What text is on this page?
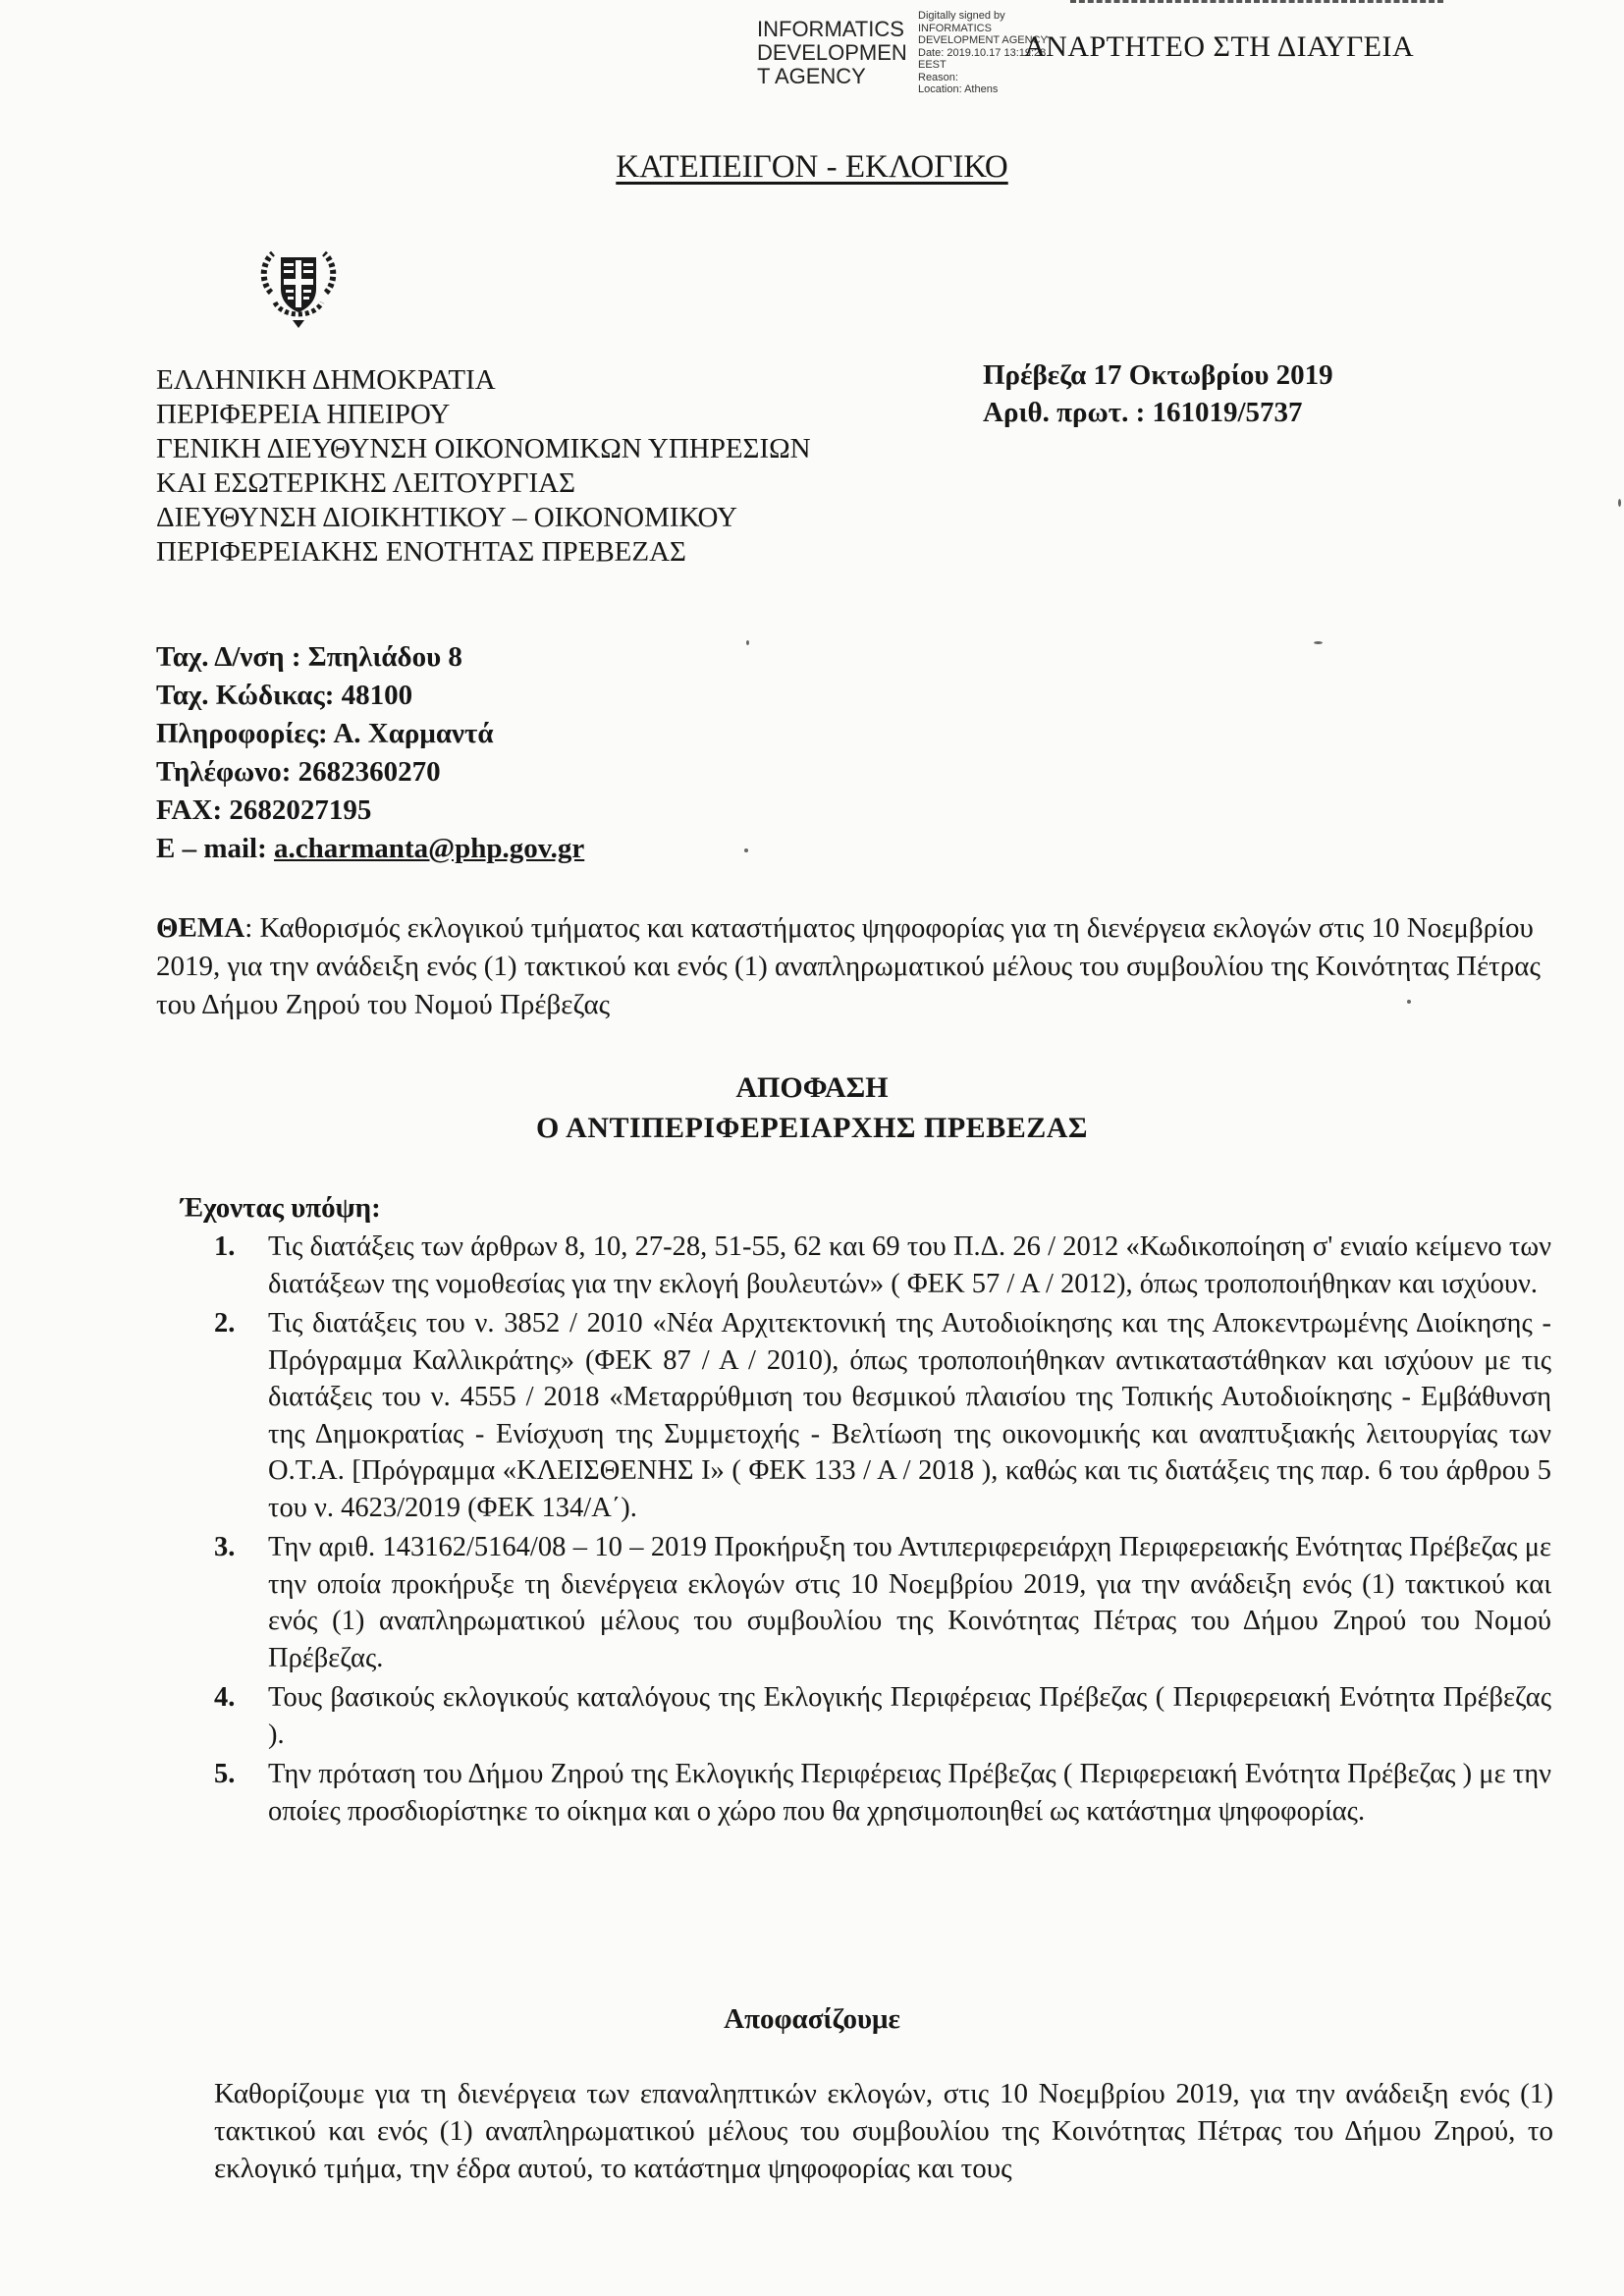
INFORMATICS
DEVELOPMEN
T AGENCY
Digitally signed by
INFORMATICS
DEVELOPMENT AGENCY
Date: 2019.10.17 13:19:28
EEST
Reason:
Location: Athens
ΑΝΑΡΤΗΤΕΟ ΣΤΗ ΔΙΑΥΓΕΙΑ
ΚΑΤΕΠΕΙΓΟΝ - ΕΚΛΟΓΙΚΟ
ΕΛΛΗΝΙΚΗ ΔΗΜΟΚΡΑΤΙΑ
ΠΕΡΙΦΕΡΕΙΑ ΗΠΕΙΡΟΥ
ΓΕΝΙΚΗ ΔΙΕΥΘΥΝΣΗ ΟΙΚΟΝΟΜΙΚΩΝ ΥΠΗΡΕΣΙΩΝ
ΚΑΙ ΕΣΩΤΕΡΙΚΗΣ ΛΕΙΤΟΥΡΓΙΑΣ
ΔΙΕΥΘΥΝΣΗ ΔΙΟΙΚΗΤΙΚΟΥ – ΟΙΚΟΝΟΜΙΚΟΥ
ΠΕΡΙΦΕΡΕΙΑΚΗΣ ΕΝΟΤΗΤΑΣ ΠΡΕΒΕΖΑΣ
Πρέβεζα 17 Οκτωβρίου 2019
Αριθ. πρωτ. : 161019/5737
Ταχ. Δ/νση : Σπηλιάδου 8
Ταχ. Κώδικας: 48100
Πληροφορίες: Α. Χαρμαντά
Τηλέφωνο: 2682360270
FAX: 2682027195
E – mail: a.charmanta@php.gov.gr
ΘΕΜΑ: Καθορισμός εκλογικού τμήματος και καταστήματος ψηφοφορίας για τη διενέργεια εκλογών στις 10 Νοεμβρίου 2019, για την ανάδειξη ενός (1) τακτικού και ενός (1) αναπληρωματικού μέλους του συμβουλίου της Κοινότητας Πέτρας του Δήμου Ζηρού του Νομού Πρέβεζας
ΑΠΟΦΑΣΗ
Ο ΑΝΤΙΠΕΡΙΦΕΡΕΙΑΡΧΗΣ ΠΡΕΒΕΖΑΣ
Έχοντας υπόψη:
1. Τις διατάξεις των άρθρων 8, 10, 27-28, 51-55, 62 και 69 του Π.Δ. 26 / 2012 «Κωδικοποίηση σ' ενιαίο κείμενο των διατάξεων της νομοθεσίας για την εκλογή βουλευτών» ( ΦΕΚ 57 / Α / 2012), όπως τροποποιήθηκαν και ισχύουν.
2. Τις διατάξεις του ν. 3852 / 2010 «Νέα Αρχιτεκτονική της Αυτοδιοίκησης και της Αποκεντρωμένης Διοίκησης - Πρόγραμμα Καλλικράτης» (ΦΕΚ 87 / Α / 2010), όπως τροποποιήθηκαν αντικαταστάθηκαν και ισχύουν με τις διατάξεις του ν. 4555 / 2018 «Μεταρρύθμιση του θεσμικού πλαισίου της Τοπικής Αυτοδιοίκησης - Εμβάθυνση της Δημοκρατίας - Ενίσχυση της Συμμετοχής - Βελτίωση της οικονομικής και αναπτυξιακής λειτουργίας των Ο.Τ.Α. [Πρόγραμμα «ΚΛΕΙΣΘΕΝΗΣ Ι» ( ΦΕΚ 133 / Α / 2018 ), καθώς και τις διατάξεις της παρ. 6 του άρθρου 5 του ν. 4623/2019 (ΦΕΚ 134/Α΄).
3. Την αριθ. 143162/5164/08 – 10 – 2019 Προκήρυξη του Αντιπεριφερειάρχη Περιφερειακής Ενότητας Πρέβεζας με την οποία προκήρυξε τη διενέργεια εκλογών στις 10 Νοεμβρίου 2019, για την ανάδειξη ενός (1) τακτικού και ενός (1) αναπληρωματικού μέλους του συμβουλίου της Κοινότητας Πέτρας του Δήμου Ζηρού του Νομού Πρέβεζας.
4. Τους βασικούς εκλογικούς καταλόγους της Εκλογικής Περιφέρειας Πρέβεζας ( Περιφερειακή Ενότητα Πρέβεζας ).
5. Την πρόταση του Δήμου Ζηρού της Εκλογικής Περιφέρειας Πρέβεζας ( Περιφερειακή Ενότητα Πρέβεζας ) με την οποίες προσδιορίστηκε το οίκημα και ο χώρο που θα χρησιμοποιηθεί ως κατάστημα ψηφοφορίας.
Αποφασίζουμε
Καθορίζουμε για τη διενέργεια των επαναληπτικών εκλογών, στις 10 Νοεμβρίου 2019, για την ανάδειξη ενός (1) τακτικού και ενός (1) αναπληρωματικού μέλους του συμβουλίου της Κοινότητας Πέτρας του Δήμου Ζηρού, το εκλογικό τμήμα, την έδρα αυτού, το κατάστημα ψηφοφορίας και τους
